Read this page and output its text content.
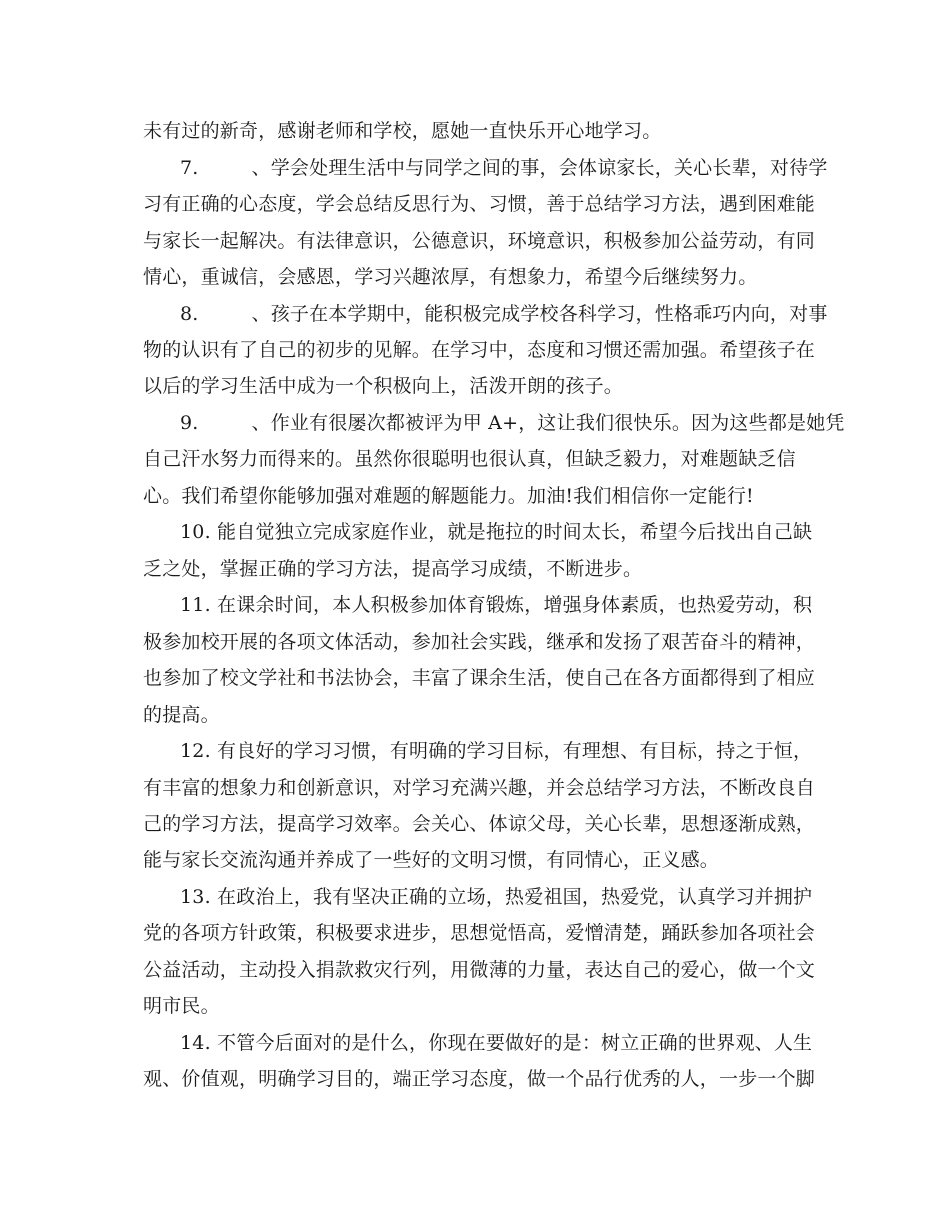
未有过的新奇，感谢老师和学校，愿她一直快乐开心地学习。
7.	、学会处理生活中与同学之间的事，会体谅家长，关心长辈，对待学
习有正确的心态度，学会总结反思行为、习惯，善于总结学习方法，遇到困难能
与家长一起解决。有法律意识，公德意识，环境意识，积极参加公益劳动，有同
情心，重诚信，会感恩，学习兴趣浓厚，有想象力，希望今后继续努力。
8.	、孩子在本学期中，能积极完成学校各科学习，性格乖巧内向，对事
物的认识有了自己的初步的见解。在学习中，态度和习惯还需加强。希望孩子在
以后的学习生活中成为一个积极向上，活泼开朗的孩子。
9.	、作业有很屡次都被评为甲 A+，这让我们很快乐。因为这些都是她凭
自己汗水努力而得来的。虽然你很聪明也很认真，但缺乏毅力，对难题缺乏信
心。我们希望你能够加强对难题的解题能力。加油!我们相信你一定能行!
10. 能自觉独立完成家庭作业，就是拖拉的时间太长，希望今后找出自己缺
乏之处，掌握正确的学习方法，提高学习成绩，不断进步。
11. 在课余时间，本人积极参加体育锻炼，增强身体素质，也热爱劳动，积
极参加校开展的各项文体活动，参加社会实践，继承和发扬了艰苦奋斗的精神，
也参加了校文学社和书法协会，丰富了课余生活，使自己在各方面都得到了相应
的提高。
12. 有良好的学习习惯，有明确的学习目标，有理想、有目标，持之于恒，
有丰富的想象力和创新意识，对学习充满兴趣，并会总结学习方法，不断改良自
己的学习方法，提高学习效率。会关心、体谅父母，关心长辈，思想逐渐成熟，
能与家长交流沟通并养成了一些好的文明习惯，有同情心，正义感。
13. 在政治上，我有坚决正确的立场，热爱祖国，热爱党，认真学习并拥护
党的各项方针政策，积极要求进步，思想觉悟高，爱憎清楚，踊跃参加各项社会
公益活动，主动投入捐款救灾行列，用微薄的力量，表达自己的爱心，做一个文
明市民。
14. 不管今后面对的是什么，你现在要做好的是：树立正确的世界观、人生
观、价值观，明确学习目的，端正学习态度，做一个品行优秀的人，一步一个脚
